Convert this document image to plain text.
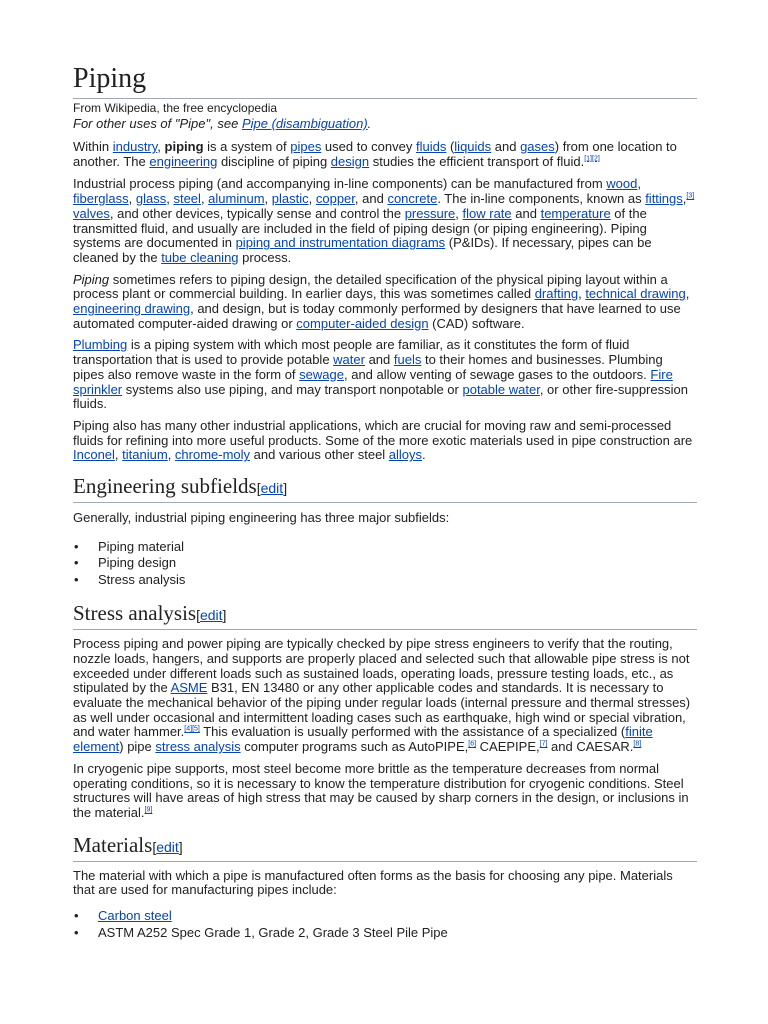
Piping
From Wikipedia, the free encyclopedia
For other uses of "Pipe", see Pipe (disambiguation).

Within industry, piping is a system of pipes used to convey fluids (liquids and gases) from one location to another. The engineering discipline of piping design studies the efficient transport of fluid.[1][2]

Industrial process piping (and accompanying in-line components) can be manufactured from wood, fiberglass, glass, steel, aluminum, plastic, copper, and concrete. The in-line components, known as fittings,[3] valves, and other devices, typically sense and control the pressure, flow rate and temperature of the transmitted fluid, and usually are included in the field of piping design (or piping engineering). Piping systems are documented in piping and instrumentation diagrams (P&IDs). If necessary, pipes can be cleaned by the tube cleaning process.

Piping sometimes refers to piping design, the detailed specification of the physical piping layout within a process plant or commercial building. In earlier days, this was sometimes called drafting, technical drawing, engineering drawing, and design, but is today commonly performed by designers that have learned to use automated computer-aided drawing or computer-aided design (CAD) software.

Plumbing is a piping system with which most people are familiar, as it constitutes the form of fluid transportation that is used to provide potable water and fuels to their homes and businesses. Plumbing pipes also remove waste in the form of sewage, and allow venting of sewage gases to the outdoors. Fire sprinkler systems also use piping, and may transport nonpotable or potable water, or other fire-suppression fluids.

Piping also has many other industrial applications, which are crucial for moving raw and semi-processed fluids for refining into more useful products. Some of the more exotic materials used in pipe construction are Inconel, titanium, chrome-moly and various other steel alloys.

Engineering subfields[edit]

Generally, industrial piping engineering has three major subfields:

• Piping material
• Piping design
• Stress analysis
Stress analysis[edit]

Process piping and power piping are typically checked by pipe stress engineers to verify that the routing, nozzle loads, hangers, and supports are properly placed and selected such that allowable pipe stress is not exceeded under different loads such as sustained loads, operating loads, pressure testing loads, etc., as stipulated by the ASME B31, EN 13480 or any other applicable codes and standards. It is necessary to evaluate the mechanical behavior of the piping under regular loads (internal pressure and thermal stresses) as well under occasional and intermittent loading cases such as earthquake, high wind or special vibration, and water hammer.[4][5] This evaluation is usually performed with the assistance of a specialized (finite element) pipe stress analysis computer programs such as AutoPIPE,[6] CAEPIPE,[7] and CAESAR.[8]

In cryogenic pipe supports, most steel become more brittle as the temperature decreases from normal operating conditions, so it is necessary to know the temperature distribution for cryogenic conditions. Steel structures will have areas of high stress that may be caused by sharp corners in the design, or inclusions in the material.[9]

Materials[edit]

The material with which a pipe is manufactured often forms as the basis for choosing any pipe. Materials that are used for manufacturing pipes include:

• Carbon steel
• ASTM A252 Spec Grade 1, Grade 2, Grade 3 Steel Pile Pipe
